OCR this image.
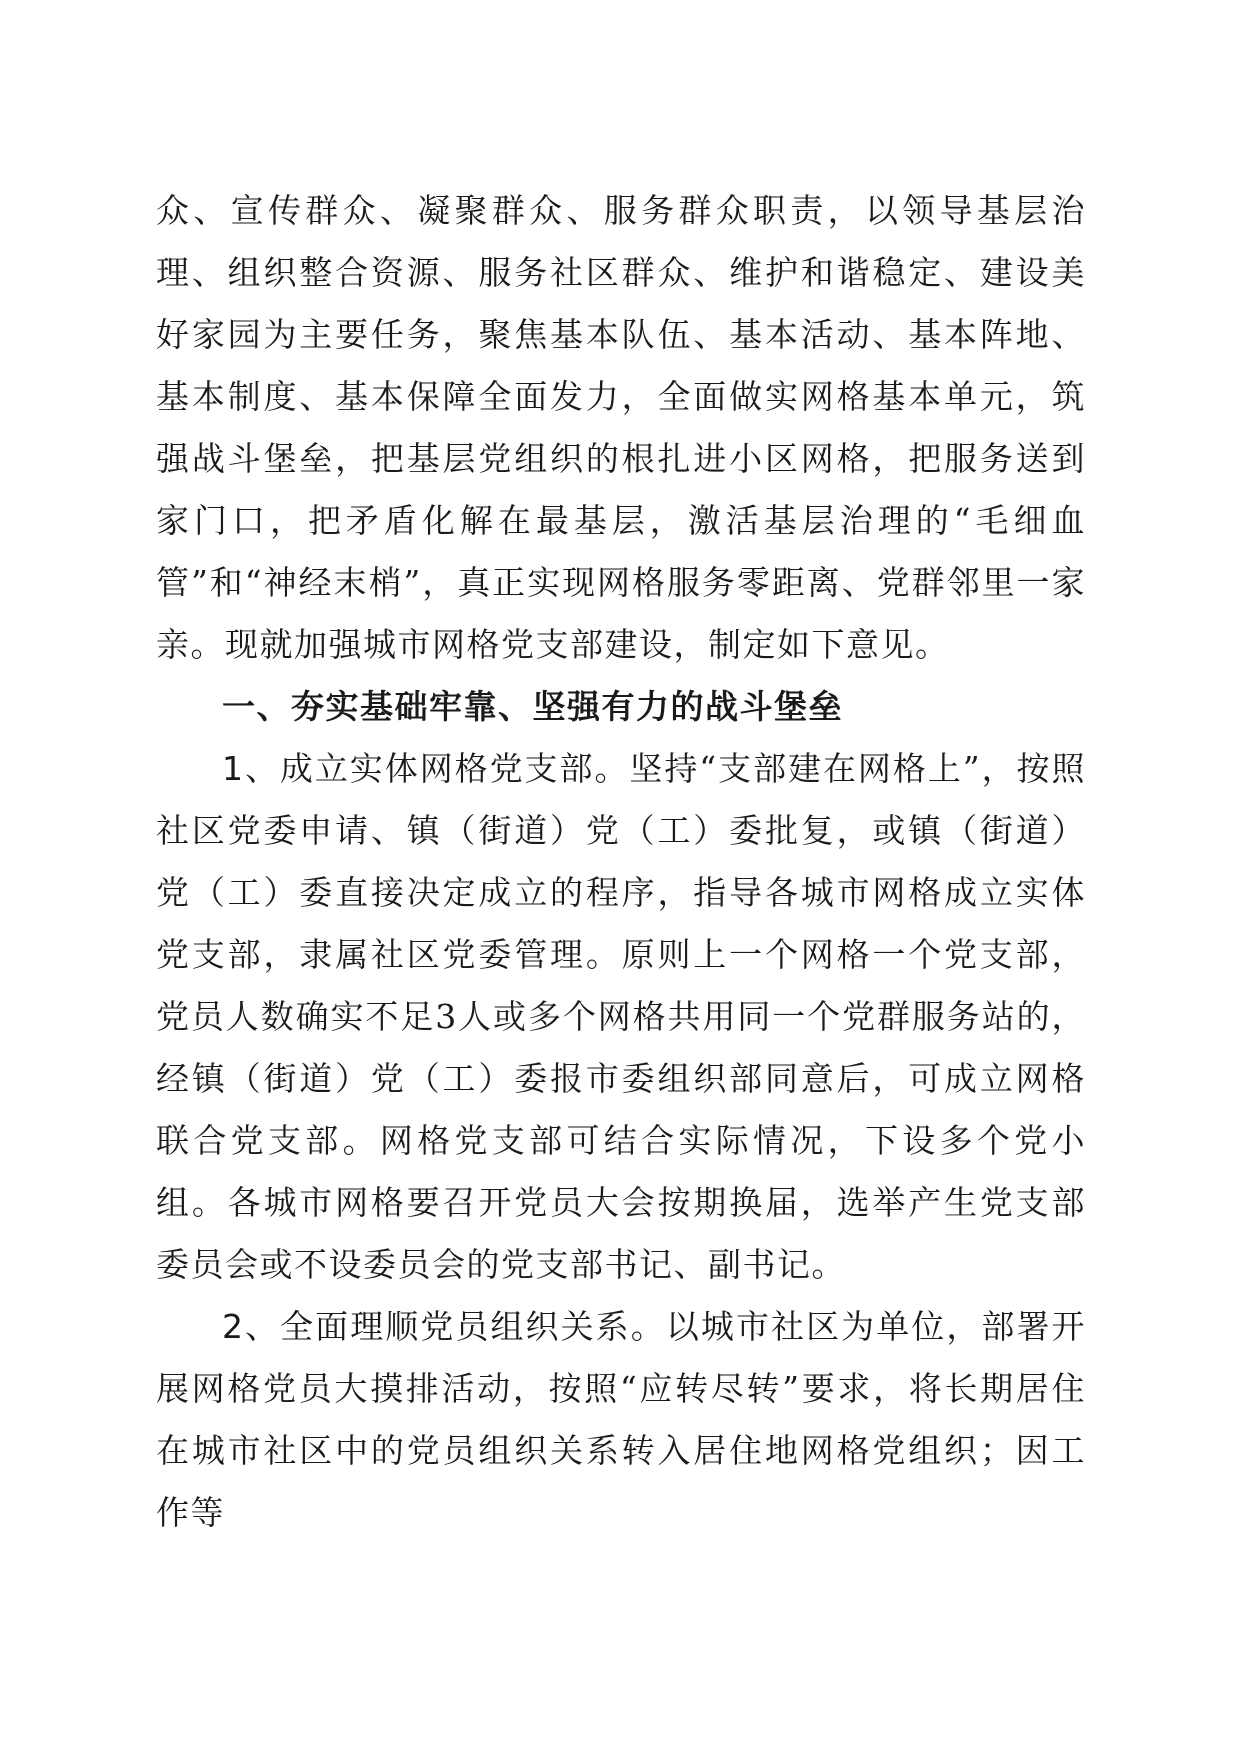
众、宣传群众、凝聚群众、服务群众职责，以领导基层治理、组织整合资源、服务社区群众、维护和谐稳定、建设美好家园为主要任务，聚焦基本队伍、基本活动、基本阵地、基本制度、基本保障全面发力，全面做实网格基本单元，筑强战斗堡垒，把基层党组织的根扎进小区网格，把服务送到家门口，把矛盾化解在最基层，激活基层治理的“毛细血管”和“神经末梢”，真正实现网格服务零距离、党群邻里一家亲。现就加强城市网格党支部建设，制定如下意见。

一、夯实基础牢靠、坚强有力的战斗堡垒

1、成立实体网格党支部。坚持“支部建在网格上”，按照社区党委申请、镇（街道）党（工）委批复，或镇（街道）党（工）委直接决定成立的程序，指导各城市网格成立实体党支部，隶属社区党委管理。原则上一个网格一个党支部，党员人数确实不足3人或多个网格共用同一个党群服务站的，经镇（街道）党（工）委报市委组织部同意后，可成立网格联合党支部。网格党支部可结合实际情况，下设多个党小组。各城市网格要召开党员大会按期换届，选举产生党支部委员会或不设委员会的党支部书记、副书记。

2、全面理顺党员组织关系。以城市社区为单位，部署开展网格党员大摸排活动，按照“应转尽转”要求，将长期居住在城市社区中的党员组织关系转入居住地网格党组织；因工作等
